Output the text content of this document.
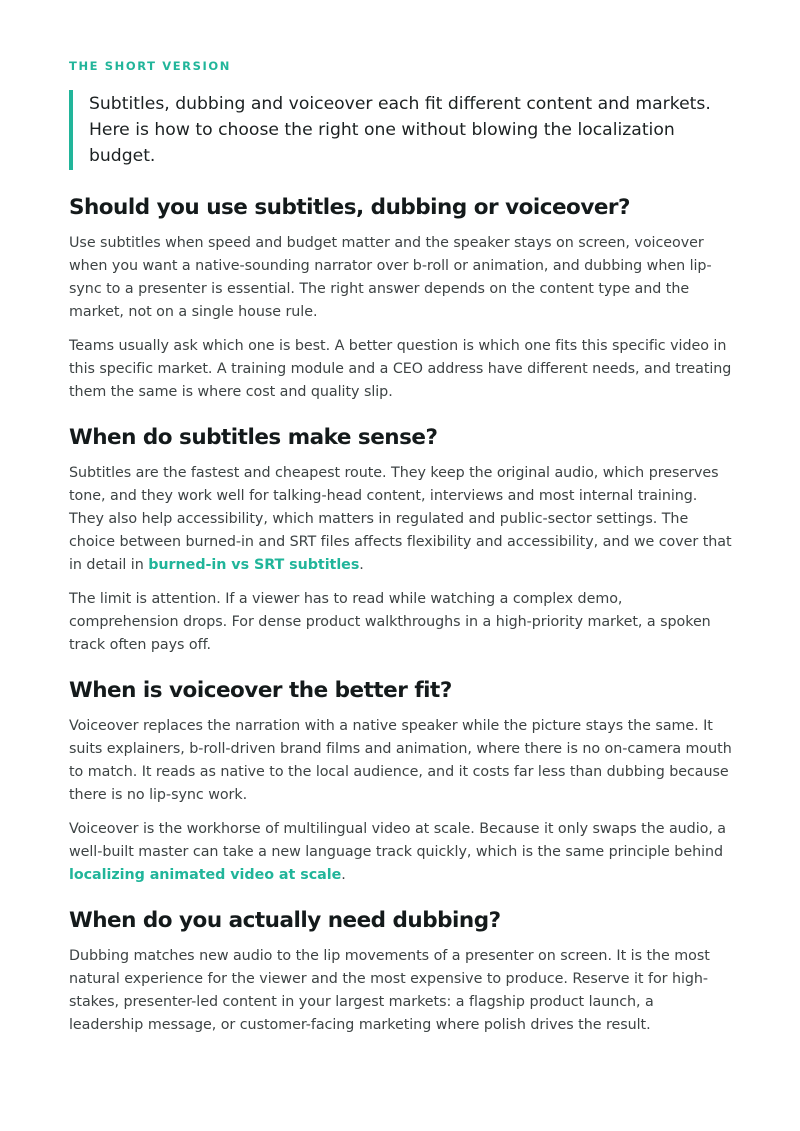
THE SHORT VERSION
Subtitles, dubbing and voiceover each fit different content and markets. Here is how to choose the right one without blowing the localization budget.
Should you use subtitles, dubbing or voiceover?

Use subtitles when speed and budget matter and the speaker stays on screen, voiceover when you want a native-sounding narrator over b-roll or animation, and dubbing when lip-sync to a presenter is essential. The right answer depends on the content type and the market, not on a single house rule.

Teams usually ask which one is best. A better question is which one fits this specific video in this specific market. A training module and a CEO address have different needs, and treating them the same is where cost and quality slip.

When do subtitles make sense?

Subtitles are the fastest and cheapest route. They keep the original audio, which preserves tone, and they work well for talking-head content, interviews and most internal training. They also help accessibility, which matters in regulated and public-sector settings. The choice between burned-in and SRT files affects flexibility and accessibility, and we cover that in detail in burned-in vs SRT subtitles.

The limit is attention. If a viewer has to read while watching a complex demo, comprehension drops. For dense product walkthroughs in a high-priority market, a spoken track often pays off.

When is voiceover the better fit?

Voiceover replaces the narration with a native speaker while the picture stays the same. It suits explainers, b-roll-driven brand films and animation, where there is no on-camera mouth to match. It reads as native to the local audience, and it costs far less than dubbing because there is no lip-sync work.

Voiceover is the workhorse of multilingual video at scale. Because it only swaps the audio, a well-built master can take a new language track quickly, which is the same principle behind localizing animated video at scale.

When do you actually need dubbing?

Dubbing matches new audio to the lip movements of a presenter on screen. It is the most natural experience for the viewer and the most expensive to produce. Reserve it for high-stakes, presenter-led content in your largest markets: a flagship product launch, a leadership message, or customer-facing marketing where polish drives the result.
